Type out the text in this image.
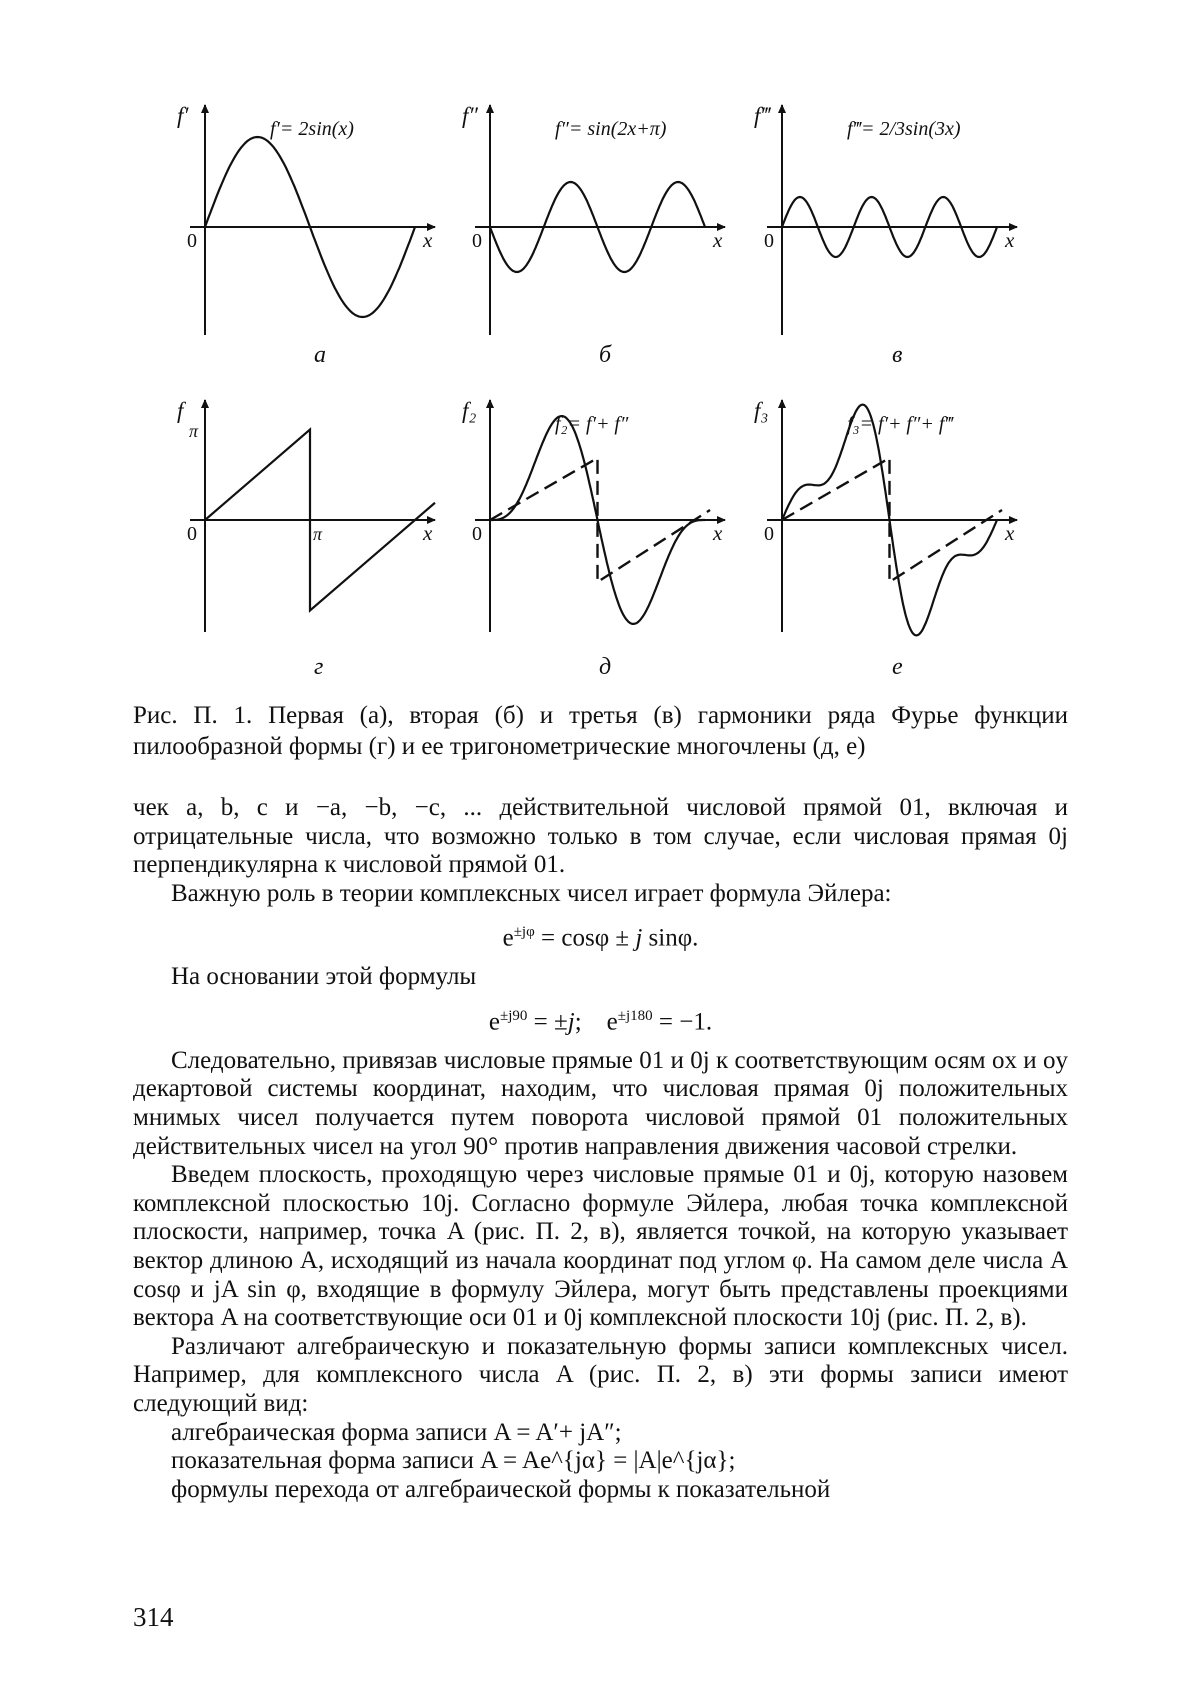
f′
0	x
f′= 2sin(x)
а
f″
0	x
f″= sin(2x+π)
б
f‴
0	x
f‴= 2/3sin(3x)
в
f
π
π
0	x
г
f₂
0	x
f₂= f′+ f″
д
f₃
0	x
f₃= f′+ f″+ f‴
е
Рис. П. 1. Первая (а), вторая (б) и третья (в) гармоники ряда Фурье функции пилообразной формы (г) и ее тригонометрические многочлены (д, е)

чек a, b, c и −a, −b, −c, ... действительной числовой прямой 01, включая и отрицательные числа, что возможно только в том случае, если числовая прямая 0j перпендикулярна к числовой прямой 01.

Важную роль в теории комплексных чисел играет формула Эйлера:

$e^{\pm j\varphi} = \cos\varphi \pm j$ sinφ.

На основании этой формулы

$e^{\pm j90} = \pm j$;    $e^{\pm j180} = -1$.

Следовательно, привязав числовые прямые 01 и 0j к соответствующим осям ox и oy декартовой системы координат, находим, что числовая прямая 0j положительных мнимых чисел получается путем поворота числовой прямой 01 положительных действительных чисел на угол 90° против направления движения часовой стрелки.

Введем плоскость, проходящую через числовые прямые 01 и 0j, которую назовем комплексной плоскостью 10j. Согласно формуле Эйлера, любая точка комплексной плоскости, например, точка A (рис. П. 2, в), является точкой, на которую указывает вектор длиною A, исходящий из начала координат под углом φ. На самом деле числа A cosφ и jA sin φ, входящие в формулу Эйлера, могут быть представлены проекциями вектора A на соответствующие оси 01 и 0j комплексной плоскости 10j (рис. П. 2, в).

Различают алгебраическую и показательную формы записи комплексных чисел. Например, для комплексного числа A (рис. П. 2, в) эти формы записи имеют следующий вид:

алгебраическая форма записи A = A′+ jA″;

показательная форма записи A = Ae^{jα} = |A|e^{jα};

формулы перехода от алгебраической формы к показательной

314
